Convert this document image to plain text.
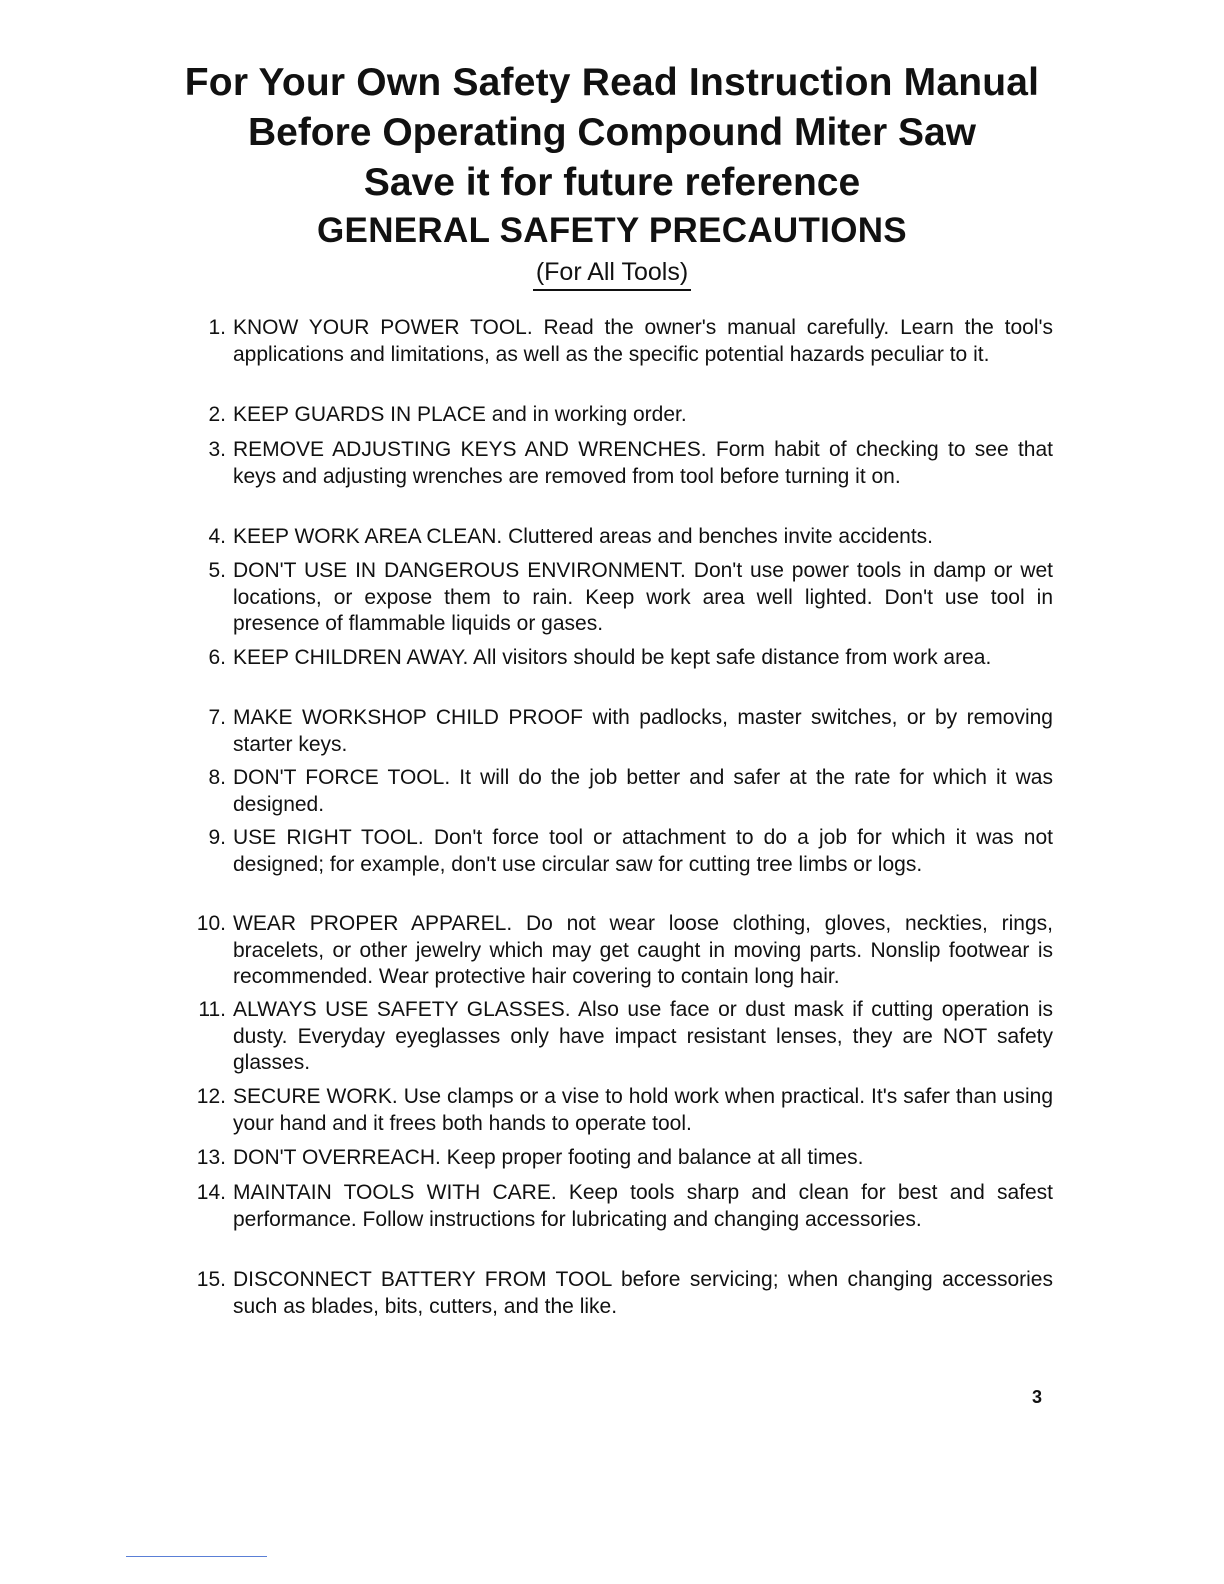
For Your Own Safety Read Instruction Manual
Before Operating Compound Miter Saw
Save it for future reference
GENERAL SAFETY PRECAUTIONS
(For All Tools)
1. KNOW YOUR POWER TOOL. Read the owner's manual carefully. Learn the tool's applications and limitations, as well as the specific potential hazards peculiar to it.
2. KEEP GUARDS IN PLACE and in working order.
3. REMOVE ADJUSTING KEYS AND WRENCHES. Form habit of checking to see that keys and adjusting wrenches are removed from tool before turning it on.
4. KEEP WORK AREA CLEAN. Cluttered areas and benches invite accidents.
5. DON'T USE IN DANGEROUS ENVIRONMENT. Don't use power tools in damp or wet locations, or expose them to rain. Keep work area well lighted. Don't use tool in presence of flammable liquids or gases.
6. KEEP CHILDREN AWAY. All visitors should be kept safe distance from work area.
7. MAKE WORKSHOP CHILD PROOF with padlocks, master switches, or by removing starter keys.
8. DON'T FORCE TOOL. It will do the job better and safer at the rate for which it was designed.
9. USE RIGHT TOOL. Don't force tool or attachment to do a job for which it was not designed; for example, don't use circular saw for cutting tree limbs or logs.
10. WEAR PROPER APPAREL. Do not wear loose clothing, gloves, neckties, rings, bracelets, or other jewelry which may get caught in moving parts. Nonslip footwear is recommended. Wear protective hair covering to contain long hair.
11. ALWAYS USE SAFETY GLASSES. Also use face or dust mask if cutting operation is dusty. Everyday eyeglasses only have impact resistant lenses, they are NOT safety glasses.
12. SECURE WORK. Use clamps or a vise to hold work when practical. It's safer than using your hand and it frees both hands to operate tool.
13. DON'T OVERREACH. Keep proper footing and balance at all times.
14. MAINTAIN TOOLS WITH CARE. Keep tools sharp and clean for best and safest performance. Follow instructions for lubricating and changing accessories.
15. DISCONNECT BATTERY FROM TOOL before servicing; when changing accessories such as blades, bits, cutters, and the like.
3
